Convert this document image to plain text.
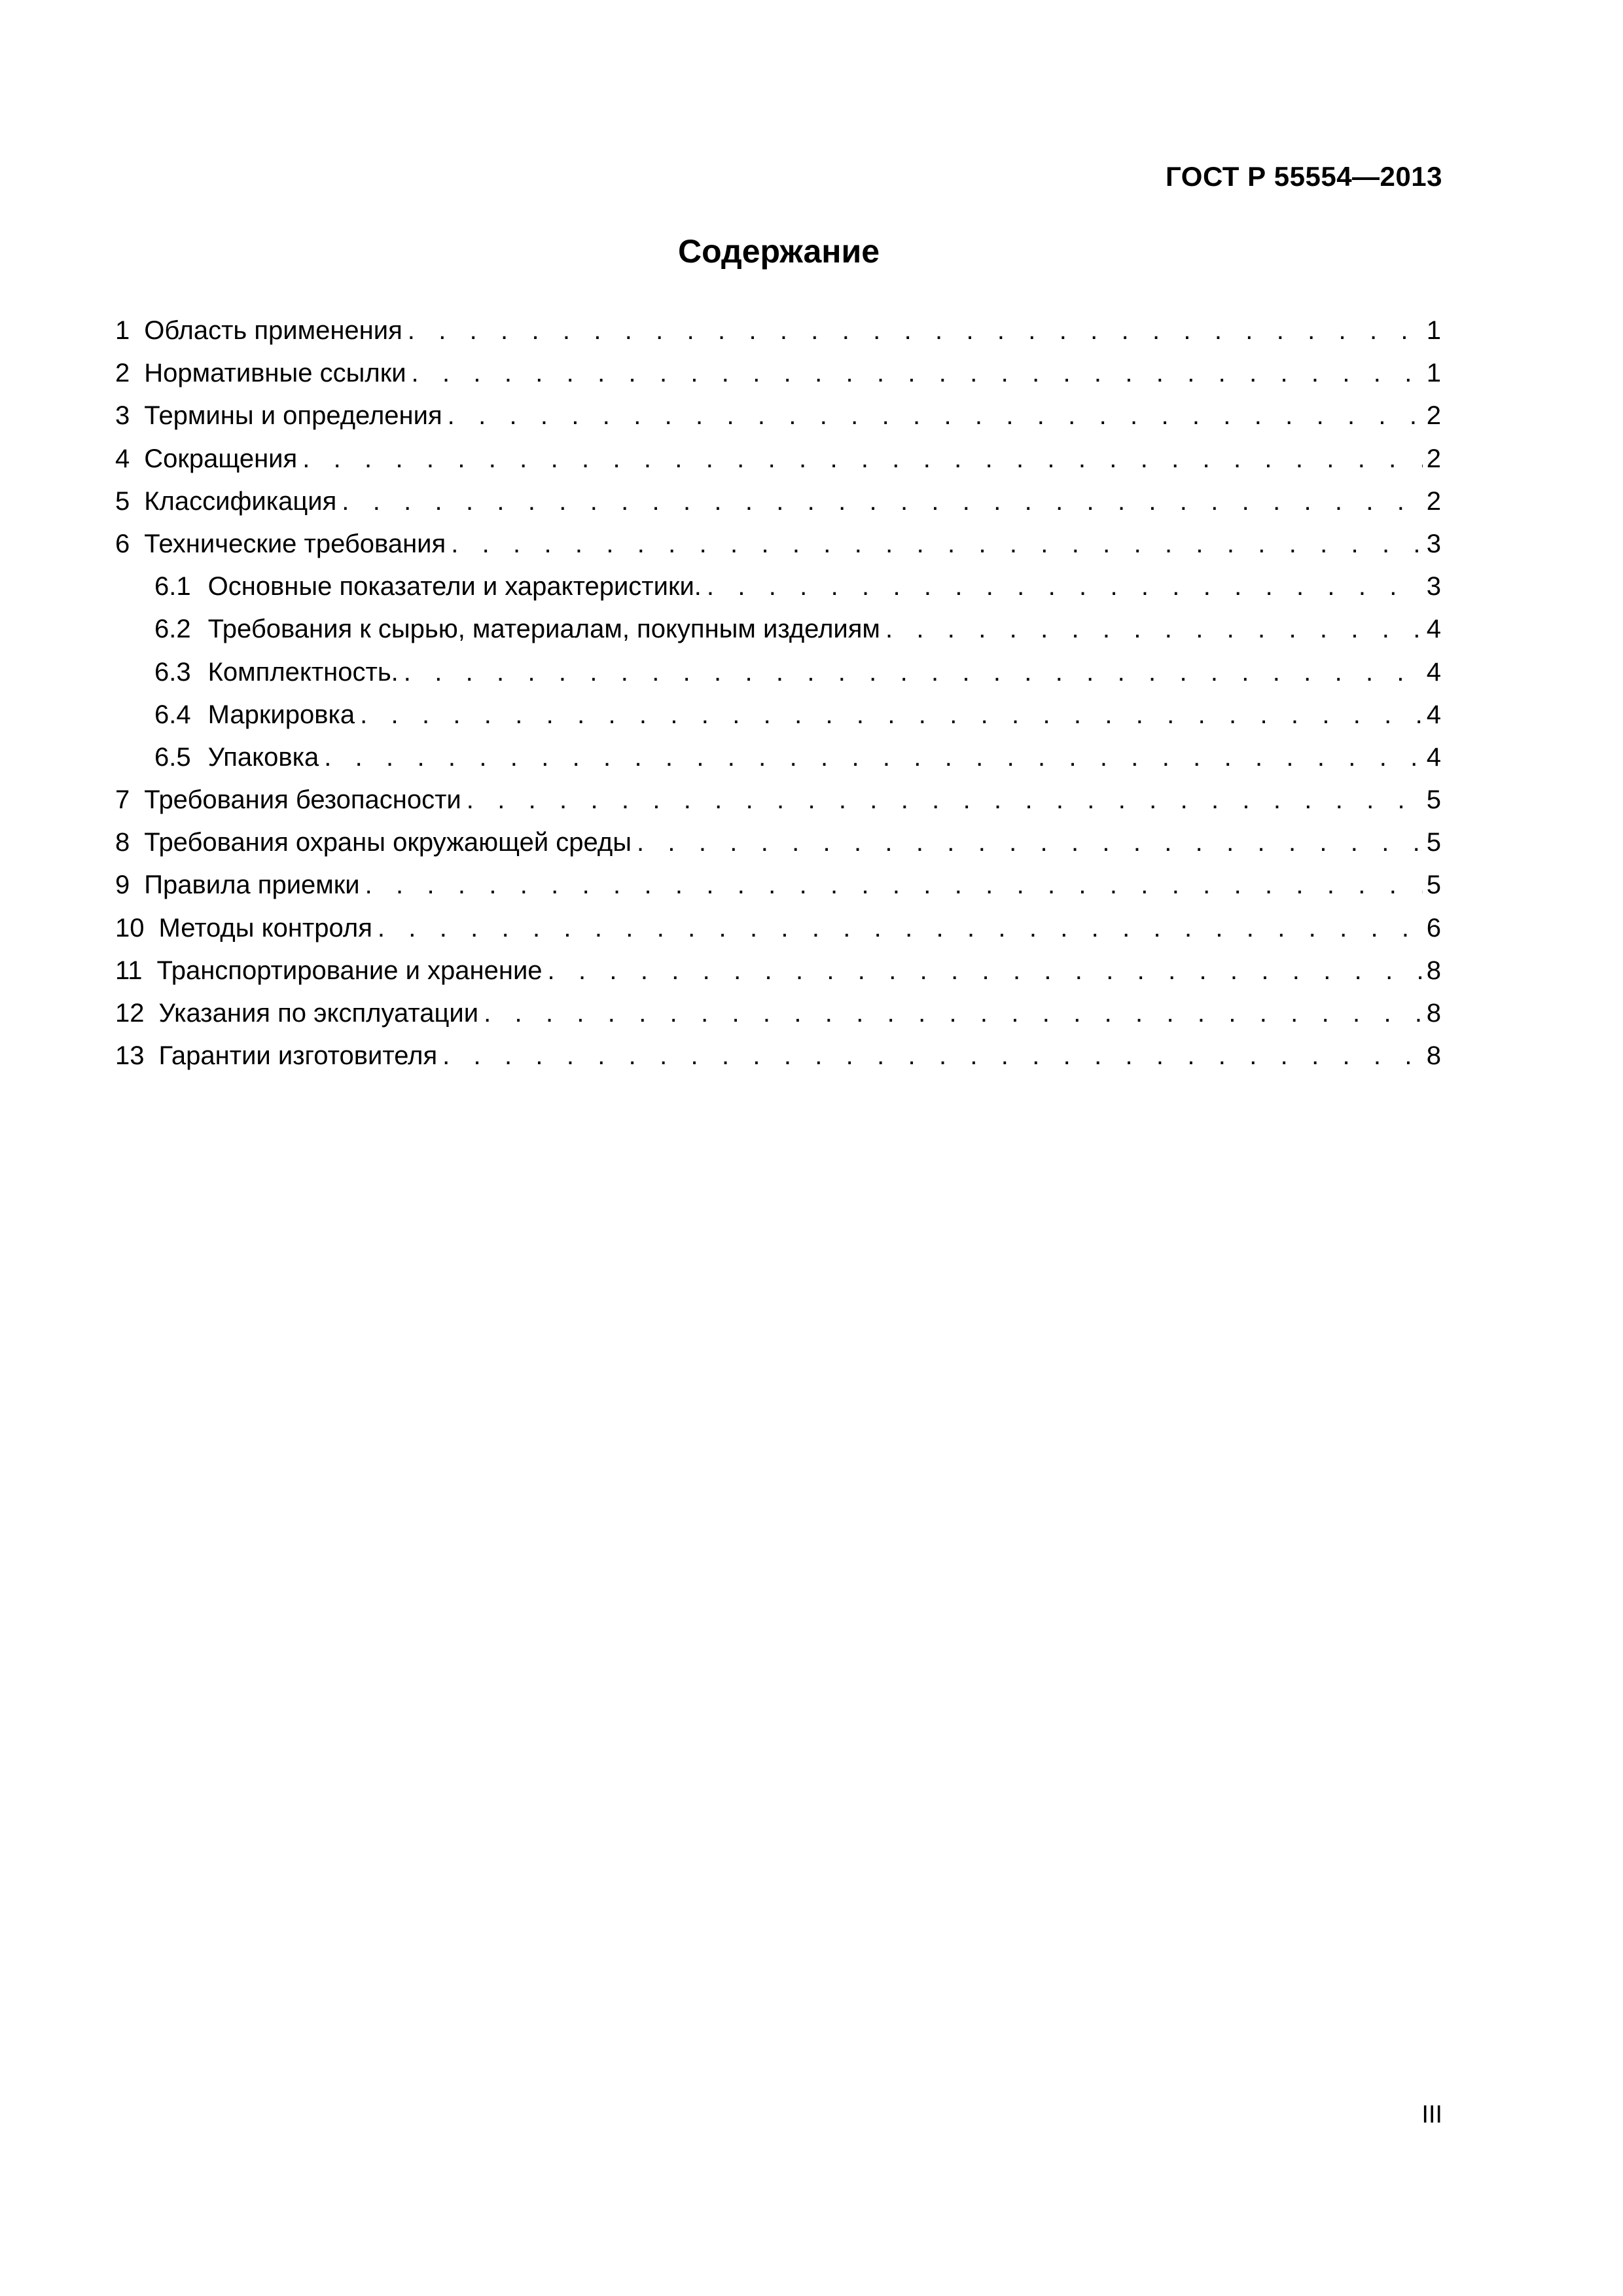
ГОСТ Р 55554—2013
Содержание
1 Область применения . . .	1
2 Нормативные ссылки . . .	1
3 Термины и определения . . .	2
4 Сокращения . . .	2
5 Классификация . . .	2
6 Технические требования . . .	3
6.1 Основные показатели и характеристики. . . .	3
6.2 Требования к сырью, материалам, покупным изделиям . . .	4
6.3 Комплектность. . . .	4
6.4 Маркировка . . .	4
6.5 Упаковка . . .	4
7 Требования безопасности . . .	5
8 Требования охраны окружающей среды . . .	5
9 Правила приемки . . .	5
10 Методы контроля . . .	6
11 Транспортирование и хранение . . .	8
12 Указания по эксплуатации . . .	8
13 Гарантии изготовителя . . .	8
III
